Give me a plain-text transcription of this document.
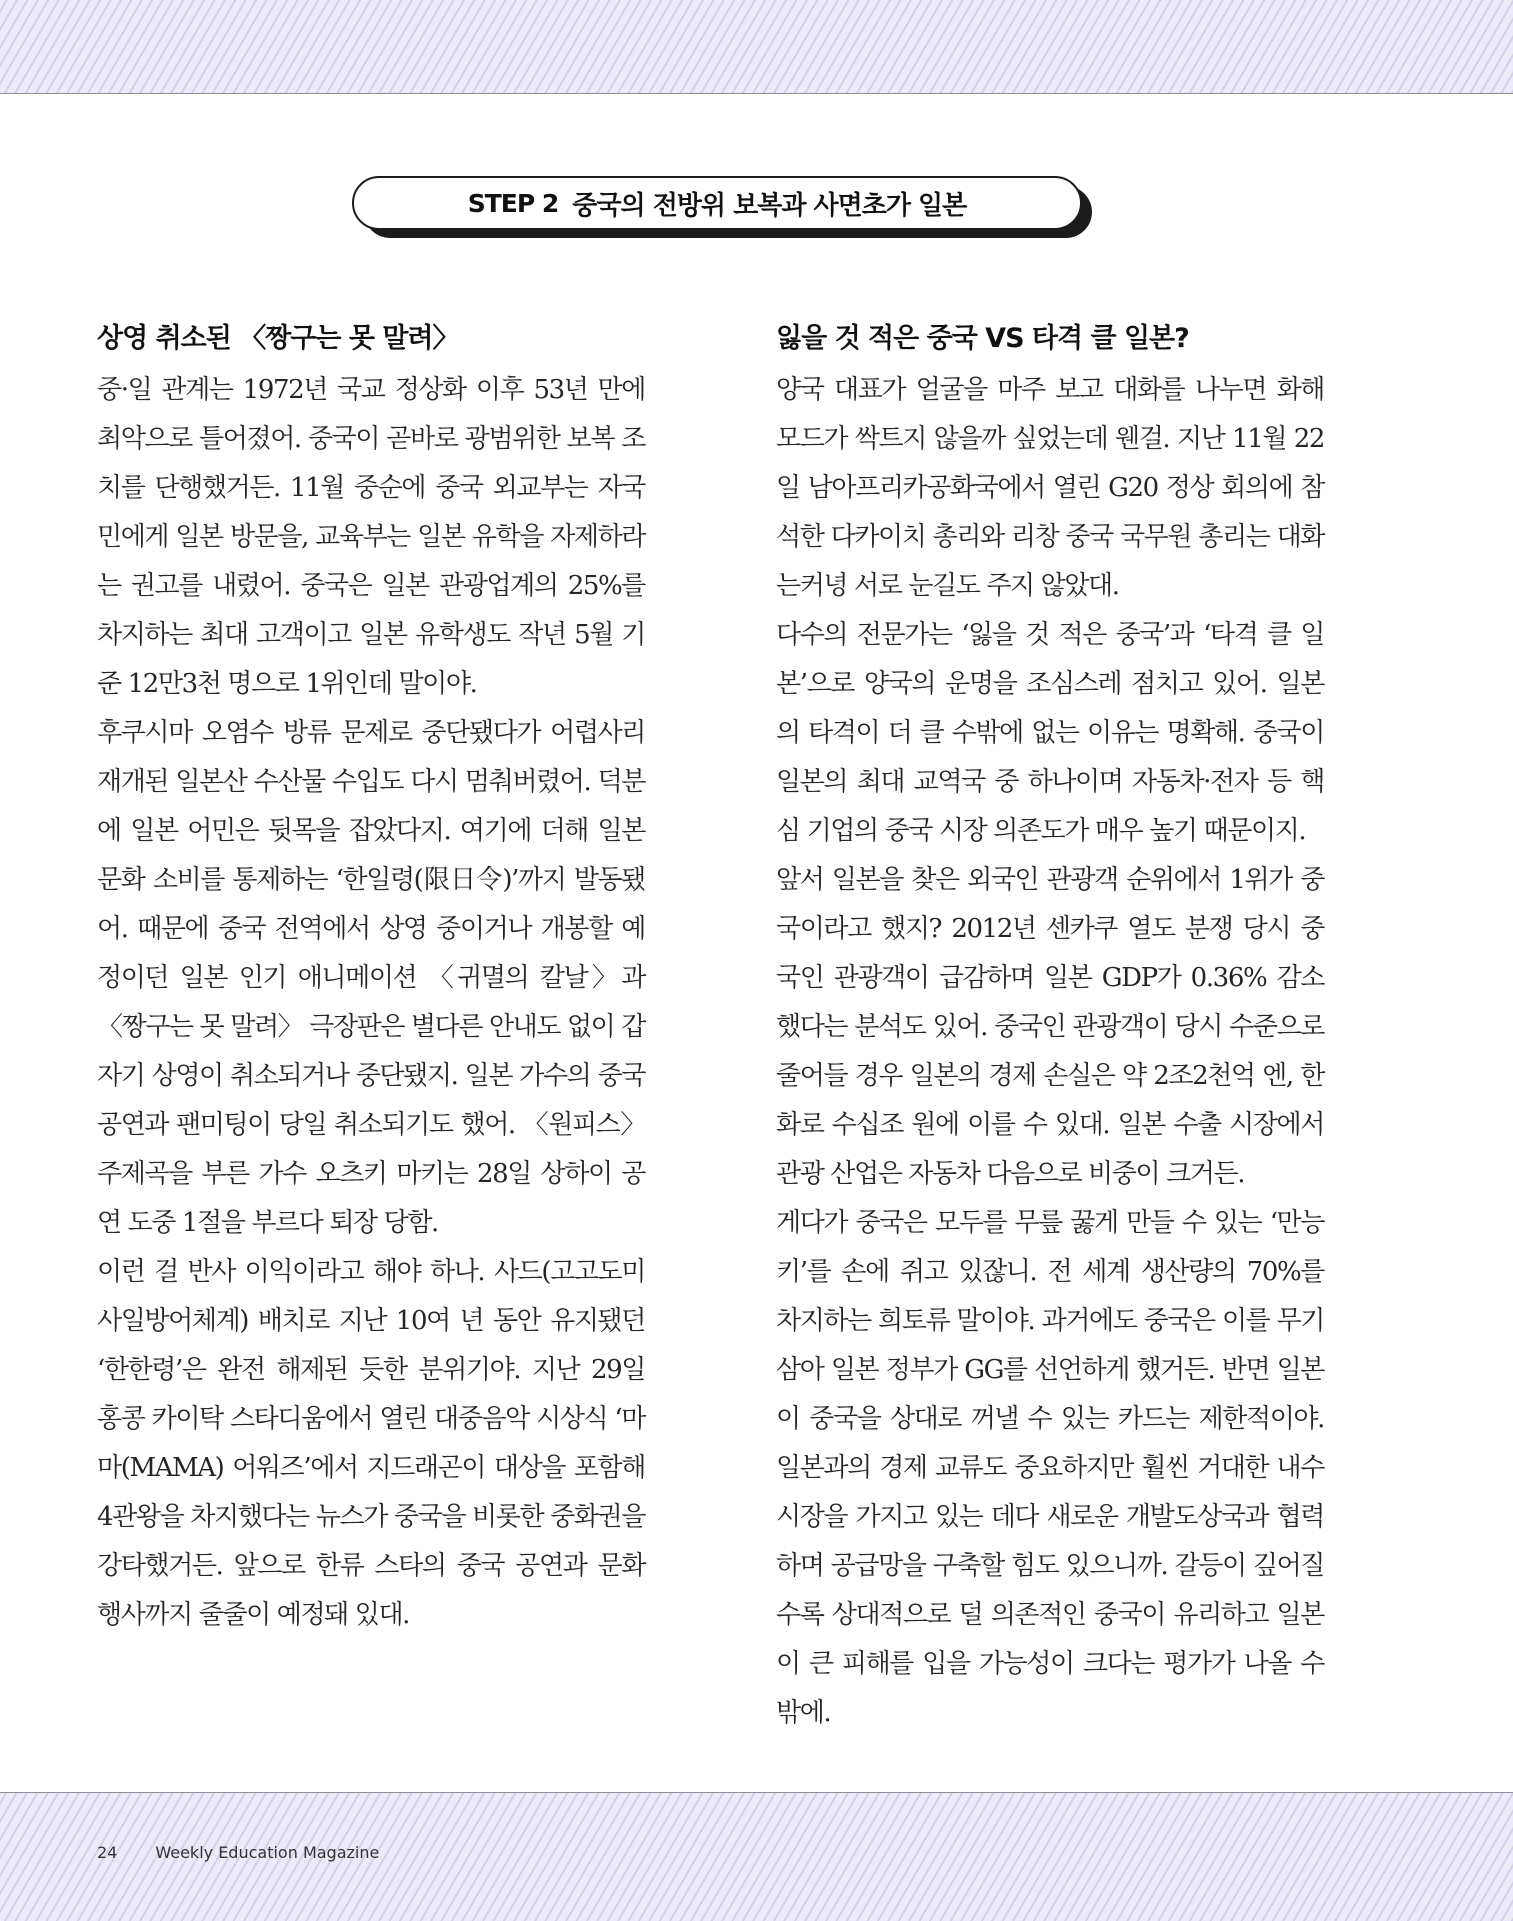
STEP 2 중국의 전방위 보복과 사면초가 일본
상영 취소된 〈짱구는 못 말려〉

중·일 관계는 1972년 국교 정상화 이후 53년 만에 최악으로 틀어졌어. 중국이 곧바로 광범위한 보복 조치를 단행했거든. 11월 중순에 중국 외교부는 자국민에게 일본 방문을, 교육부는 일본 유학을 자제하라는 권고를 내렸어. 중국은 일본 관광업계의 25%를 차지하는 최대 고객이고 일본 유학생도 작년 5월 기준 12만3천 명으로 1위인데 말이야.

후쿠시마 오염수 방류 문제로 중단됐다가 어렵사리 재개된 일본산 수산물 수입도 다시 멈춰버렸어. 덕분에 일본 어민은 뒷목을 잡았다지. 여기에 더해 일본 문화 소비를 통제하는 ‘한일령(限日令)’까지 발동됐어. 때문에 중국 전역에서 상영 중이거나 개봉할 예정이던 일본 인기 애니메이션 〈귀멸의 칼날〉과 〈짱구는 못 말려〉 극장판은 별다른 안내도 없이 갑자기 상영이 취소되거나 중단됐지. 일본 가수의 중국 공연과 팬미팅이 당일 취소되기도 했어. 〈원피스〉 주제곡을 부른 가수 오츠키 마키는 28일 상하이 공연 도중 1절을 부르다 퇴장 당함.

이런 걸 반사 이익이라고 해야 하나. 사드(고고도미사일방어체계) 배치로 지난 10여 년 동안 유지됐던 ‘한한령’은 완전 해제된 듯한 분위기야. 지난 29일 홍콩 카이탁 스타디움에서 열린 대중음악 시상식 ‘마마(MAMA) 어워즈’에서 지드래곤이 대상을 포함해 4관왕을 차지했다는 뉴스가 중국을 비롯한 중화권을 강타했거든. 앞으로 한류 스타의 중국 공연과 문화 행사까지 줄줄이 예정돼 있대.

잃을 것 적은 중국 VS 타격 클 일본?

양국 대표가 얼굴을 마주 보고 대화를 나누면 화해 모드가 싹트지 않을까 싶었는데 웬걸. 지난 11월 22일 남아프리카공화국에서 열린 G20 정상 회의에 참석한 다카이치 총리와 리창 중국 국무원 총리는 대화는커녕 서로 눈길도 주지 않았대.

다수의 전문가는 ‘잃을 것 적은 중국’과 ‘타격 클 일본’으로 양국의 운명을 조심스레 점치고 있어. 일본의 타격이 더 클 수밖에 없는 이유는 명확해. 중국이 일본의 최대 교역국 중 하나이며 자동차·전자 등 핵심 기업의 중국 시장 의존도가 매우 높기 때문이지.

앞서 일본을 찾은 외국인 관광객 순위에서 1위가 중국이라고 했지? 2012년 센카쿠 열도 분쟁 당시 중국인 관광객이 급감하며 일본 GDP가 0.36% 감소했다는 분석도 있어. 중국인 관광객이 당시 수준으로 줄어들 경우 일본의 경제 손실은 약 2조2천억 엔, 한화로 수십조 원에 이를 수 있대. 일본 수출 시장에서 관광 산업은 자동차 다음으로 비중이 크거든.

게다가 중국은 모두를 무릎 꿇게 만들 수 있는 ‘만능키’를 손에 쥐고 있잖니. 전 세계 생산량의 70%를 차지하는 희토류 말이야. 과거에도 중국은 이를 무기 삼아 일본 정부가 GG를 선언하게 했거든. 반면 일본이 중국을 상대로 꺼낼 수 있는 카드는 제한적이야. 일본과의 경제 교류도 중요하지만 훨씬 거대한 내수 시장을 가지고 있는 데다 새로운 개발도상국과 협력하며 공급망을 구축할 힘도 있으니까. 갈등이 깊어질수록 상대적으로 덜 의존적인 중국이 유리하고 일본이 큰 피해를 입을 가능성이 크다는 평가가 나올 수밖에.

24 Weekly Education Magazine
